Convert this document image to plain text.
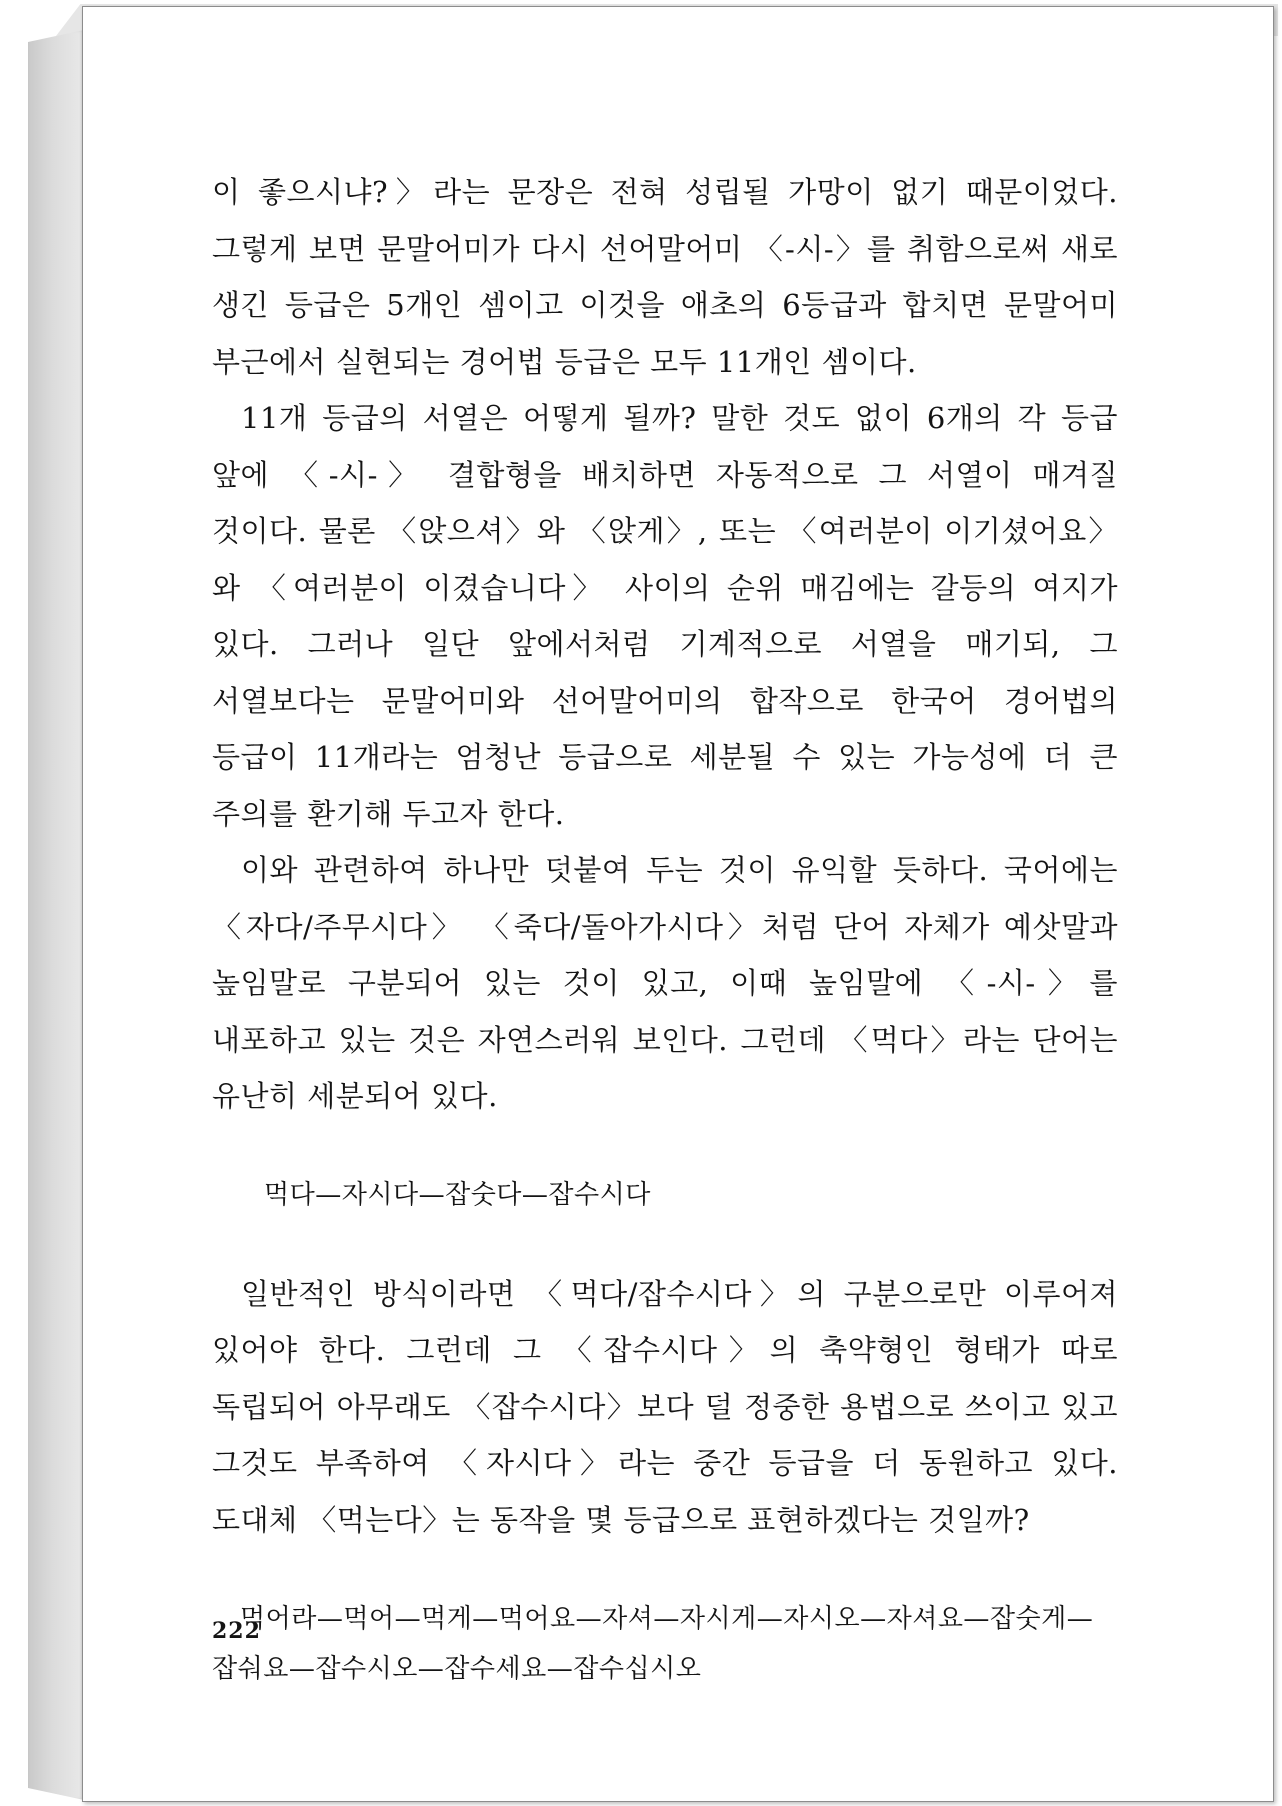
이 좋으시냐?〉라는 문장은 전혀 성립될 가망이 없기 때문이었다. 그렇게 보면 문말어미가 다시 선어말어미 〈-시-〉를 취함으로써 새로 생긴 등급은 5개인 셈이고 이것을 애초의 6등급과 합치면 문말어미 부근에서 실현되는 경어법 등급은 모두 11개인 셈이다.

11개 등급의 서열은 어떻게 될까? 말한 것도 없이 6개의 각 등급 앞에 〈-시-〉 결합형을 배치하면 자동적으로 그 서열이 매겨질 것이다. 물론 〈앉으셔〉와 〈앉게〉, 또는 〈여러분이 이기셨어요〉와 〈여러분이 이겼습니다〉 사이의 순위 매김에는 갈등의 여지가 있다. 그러나 일단 앞에서처럼 기계적으로 서열을 매기되, 그 서열보다는 문말어미와 선어말어미의 합작으로 한국어 경어법의 등급이 11개라는 엄청난 등급으로 세분될 수 있는 가능성에 더 큰 주의를 환기해 두고자 한다.

이와 관련하여 하나만 덧붙여 두는 것이 유익할 듯하다. 국어에는 〈자다/주무시다〉 〈죽다/돌아가시다〉처럼 단어 자체가 예삿말과 높임말로 구분되어 있는 것이 있고, 이때 높임말에 〈-시-〉를 내포하고 있는 것은 자연스러워 보인다. 그런데 〈먹다〉라는 단어는 유난히 세분되어 있다.

먹다—자시다—잡숫다—잡수시다

일반적인 방식이라면 〈먹다/잡수시다〉의 구분으로만 이루어져 있어야 한다. 그런데 그 〈잡수시다〉의 축약형인 형태가 따로 독립되어 아무래도 〈잡수시다〉보다 덜 정중한 용법으로 쓰이고 있고 그것도 부족하여 〈자시다〉라는 중간 등급을 더 동원하고 있다. 도대체 〈먹는다〉는 동작을 몇 등급으로 표현하겠다는 것일까?

먹어라—먹어—먹게—먹어요—자셔—자시게—자시오—자셔요—잡숫게—잡숴요—잡수시오—잡수세요—잡수십시오

222
